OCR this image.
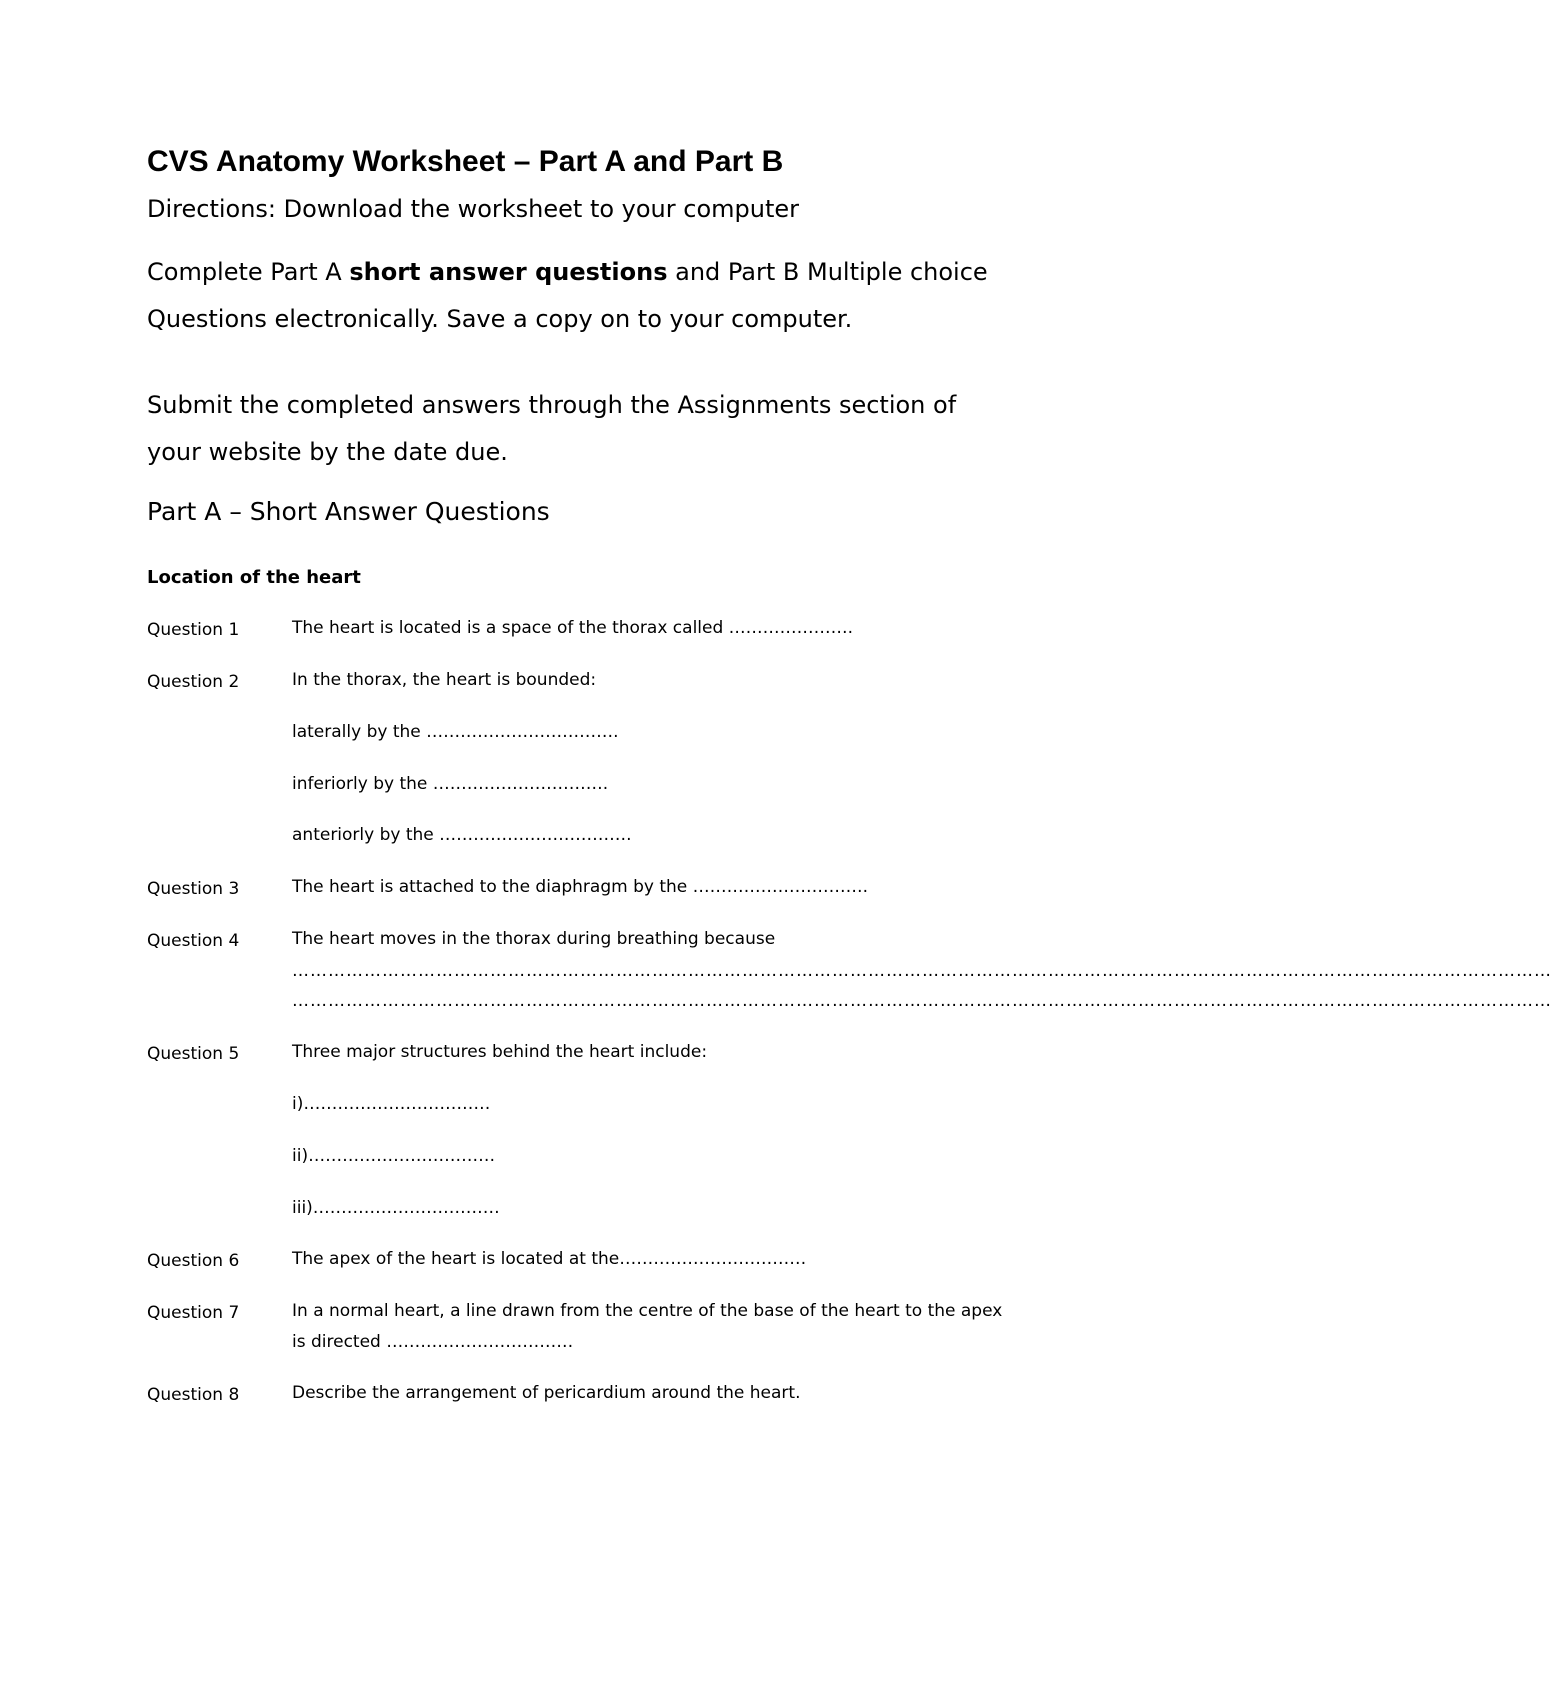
CVS Anatomy Worksheet – Part A and Part B
Directions: Download the worksheet to your computer
Complete Part A short answer questions and Part B Multiple choice
Questions electronically. Save a copy on to your computer.
Submit the completed answers through the Assignments section of
your website by the date due.
Part A – Short Answer Questions
Location of the heart
Question 1	The heart is located is a space of the thorax called ………………….
Question 2	In the thorax, the heart is bounded:
laterally by the …………………………….
inferiorly by the ………………………….
anteriorly by the …………………………….
Question 3	The heart is attached to the diaphragm by the ………………………….
Question 4	The heart moves in the thorax during breathing because
…………………………………………………………………………………………………………………………………………………………………………………………
…………………………………………………………………………………………………………………………………………………………………………………………
Question 5	Three major structures behind the heart include:
i)……………………………
ii)……………………………
iii)……………………………
Question 6	The apex of the heart is located at the……………………………
Question 7	In a normal heart, a line drawn from the centre of the base of the heart to the apex
is directed ……………………………
Question 8	Describe the arrangement of pericardium around the heart.
